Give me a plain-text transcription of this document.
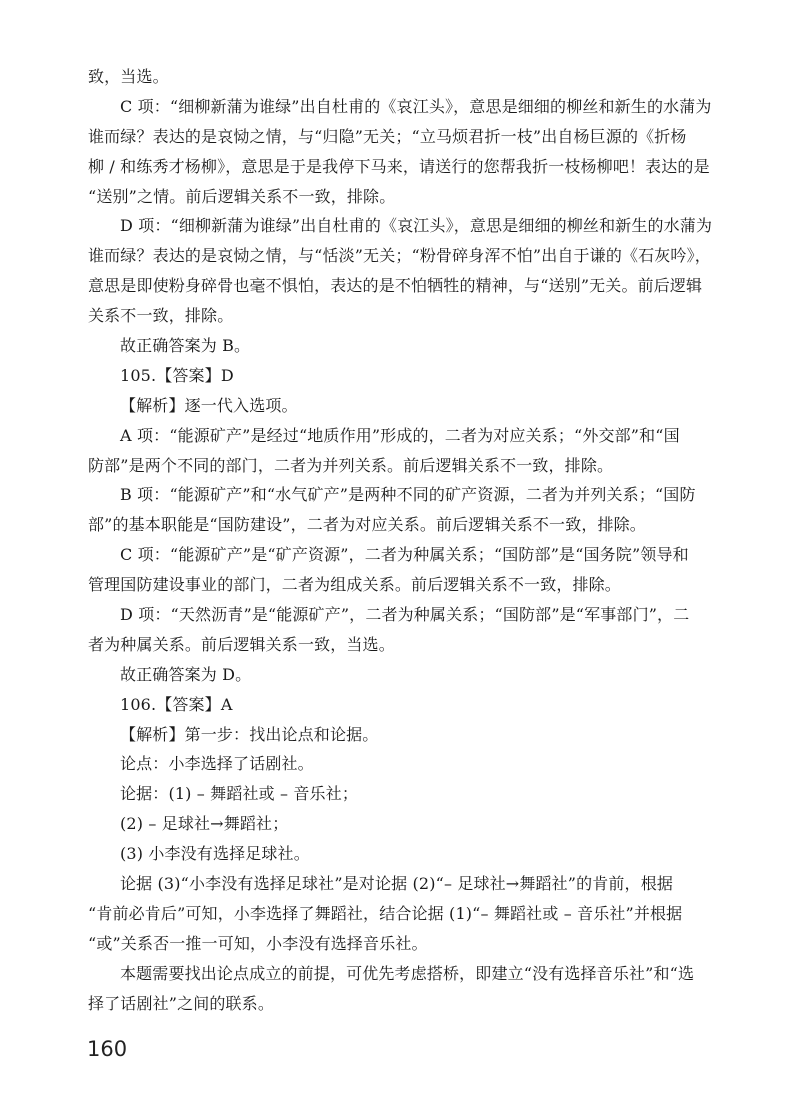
致，当选。
C 项：“细柳新蒲为谁绿”出自杜甫的《哀江头》，意思是细细的柳丝和新生的水蒲为
谁而绿？表达的是哀恸之情，与“归隐”无关；“立马烦君折一枝”出自杨巨源的《折杨
柳 / 和练秀才杨柳》，意思是于是我停下马来，请送行的您帮我折一枝杨柳吧！表达的是
“送别”之情。前后逻辑关系不一致，排除。
D 项：“细柳新蒲为谁绿”出自杜甫的《哀江头》，意思是细细的柳丝和新生的水蒲为
谁而绿？表达的是哀恸之情，与“恬淡”无关；“粉骨碎身浑不怕”出自于谦的《石灰吟》，
意思是即使粉身碎骨也毫不惧怕，表达的是不怕牺牲的精神，与“送别”无关。前后逻辑
关系不一致，排除。
故正确答案为 B。
105.【答案】D
【解析】逐一代入选项。
A 项：“能源矿产”是经过“地质作用”形成的，二者为对应关系；“外交部”和“国
防部”是两个不同的部门，二者为并列关系。前后逻辑关系不一致，排除。
B 项：“能源矿产”和“水气矿产”是两种不同的矿产资源，二者为并列关系；“国防
部”的基本职能是“国防建设”，二者为对应关系。前后逻辑关系不一致，排除。
C 项：“能源矿产”是“矿产资源”，二者为种属关系；“国防部”是“国务院”领导和
管理国防建设事业的部门，二者为组成关系。前后逻辑关系不一致，排除。
D 项：“天然沥青”是“能源矿产”，二者为种属关系；“国防部”是“军事部门”，二
者为种属关系。前后逻辑关系一致，当选。
故正确答案为 D。
106.【答案】A
【解析】第一步：找出论点和论据。
论点：小李选择了话剧社。
论据：(1) – 舞蹈社或 – 音乐社；
(2) – 足球社→舞蹈社；
(3) 小李没有选择足球社。
论据 (3)“小李没有选择足球社”是对论据 (2)“– 足球社→舞蹈社”的肯前，根据
“肯前必肯后”可知，小李选择了舞蹈社，结合论据 (1)“– 舞蹈社或 – 音乐社”并根据
“或”关系否一推一可知，小李没有选择音乐社。
本题需要找出论点成立的前提，可优先考虑搭桥，即建立“没有选择音乐社”和“选
择了话剧社”之间的联系。
160
